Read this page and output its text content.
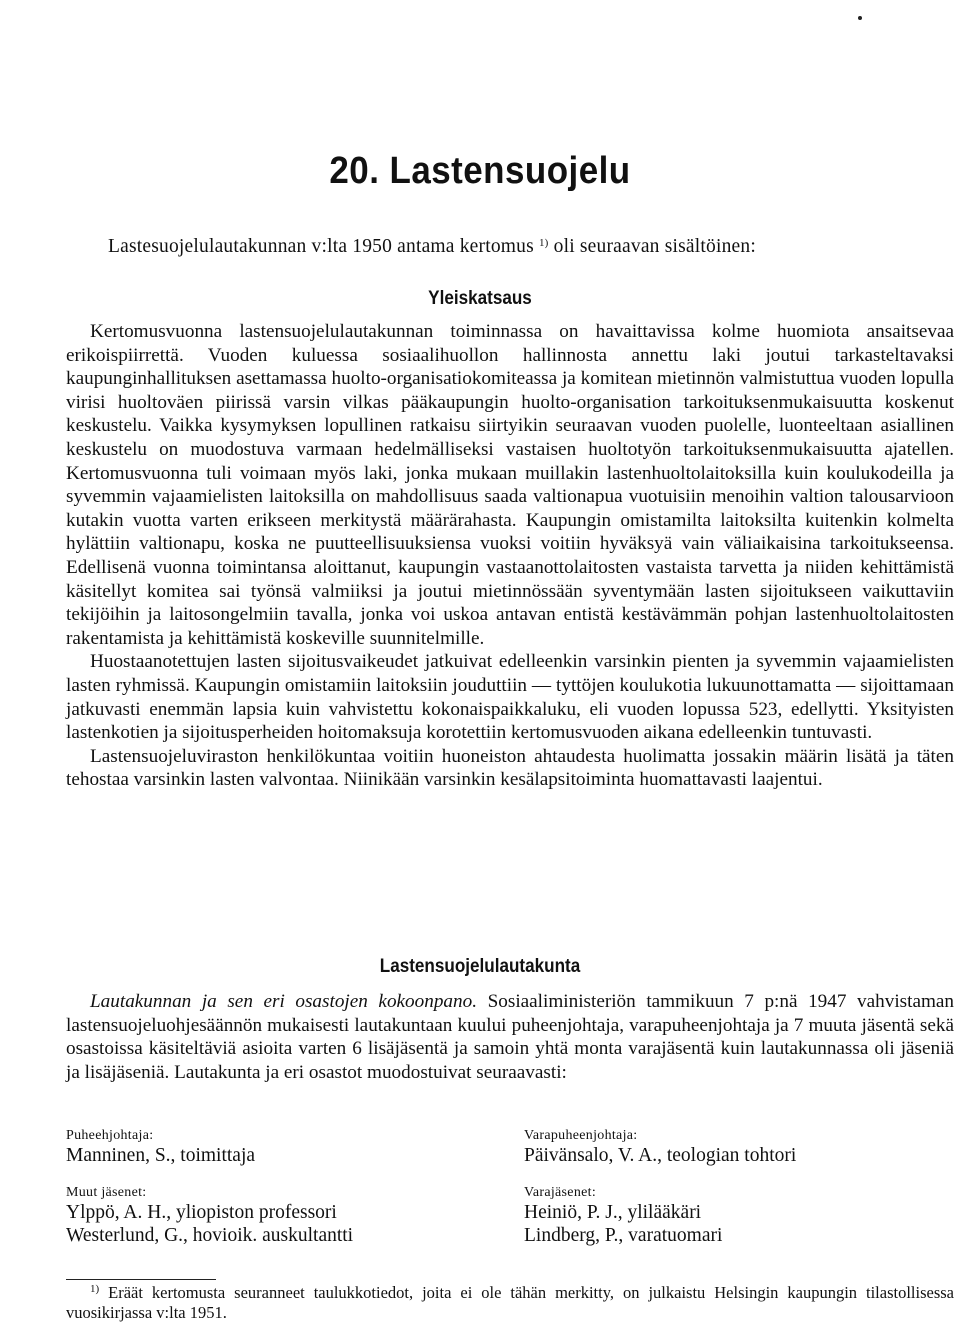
20. Lastensuojelu
Lastesuojelulautakunnan v:lta 1950 antama kertomus $^{1)}$ oli seuraavan sisältöinen:
Yleiskatsaus

Kertomusvuonna lastensuojelulautakunnan toiminnassa on havaittavissa kolme huomiota ansaitsevaa erikoispiirrettä. Vuoden kuluessa sosiaalihuollon hallinnosta annettu laki joutui tarkasteltavaksi kaupunginhallituksen asettamassa huolto-organisatiokomiteassa ja komitean mietinnön valmistuttua vuoden lopulla virisi huoltoväen piirissä varsin vilkas pääkaupungin huolto-organisation tarkoituksenmukaisuutta koskenut keskustelu. Vaikka kysymyksen lopullinen ratkaisu siirtyikin seuraavan vuoden puolelle, luonteeltaan asiallinen keskustelu on muodostuva varmaan hedelmälliseksi vastaisen huoltotyön tarkoituksenmukaisuutta ajatellen. Kertomusvuonna tuli voimaan myös laki, jonka mukaan muillakin lastenhuoltolaitoksilla kuin koulukodeilla ja syvemmin vajaamielisten laitoksilla on mahdollisuus saada valtionapua vuotuisiin menoihin valtion talousarvioon kutakin vuotta varten erikseen merkitystä määrärahasta. Kaupungin omistamilta laitoksilta kuitenkin kolmelta hylättiin valtionapu, koska ne puutteellisuuksiensa vuoksi voitiin hyväksyä vain väliaikaisina tarkoitukseensa. Edellisenä vuonna toimintansa aloittanut, kaupungin vastaanottolaitosten vastaista tarvetta ja niiden kehittämistä käsitellyt komitea sai työnsä valmiiksi ja joutui mietinnössään syventymään lasten sijoitukseen vaikuttaviin tekijöihin ja laitosongelmiin tavalla, jonka voi uskoa antavan entistä kestävämmän pohjan lastenhuoltolaitosten rakentamista ja kehittämistä koskeville suunnitelmille.

Huostaanotettujen lasten sijoitusvaikeudet jatkuivat edelleenkin varsinkin pienten ja syvemmin vajaamielisten lasten ryhmissä. Kaupungin omistamiin laitoksiin jouduttiin — tyttöjen koulukotia lukuunottamatta — sijoittamaan jatkuvasti enemmän lapsia kuin vahvistettu kokonaispaikkaluku, eli vuoden lopussa 523, edellytti. Yksityisten lastenkotien ja sijoitusperheiden hoitomaksuja korotettiin kertomusvuoden aikana edelleenkin tuntuvasti.

Lastensuojeluviraston henkilökuntaa voitiin huoneiston ahtaudesta huolimatta jossakin määrin lisätä ja täten tehostaa varsinkin lasten valvontaa. Niinikään varsinkin kesälapsitoiminta huomattavasti laajentui.

Lastensuojelulautakunta

Lautakunnan ja sen eri osastojen kokoonpano. Sosiaaliministeriön tammikuun 7 p:nä 1947 vahvistaman lastensuojeluohjesäännön mukaisesti lautakuntaan kuului puheenjohtaja, varapuheenjohtaja ja 7 muuta jäsentä sekä osastoissa käsiteltäviä asioita varten 6 lisäjäsentä ja samoin yhtä monta varajäsentä kuin lautakunnassa oli jäseniä ja lisäjäseniä. Lautakunta ja eri osastot muodostuivat seuraavasti:

Puheehjohtaja:

Manninen, S., toimittaja

Muut jäsenet:

Ylppö, A. H., yliopiston professori

Westerlund, G., hovioik. auskultantti

Varapuheenjohtaja:

Päivänsalo, V. A., teologian tohtori

Varajäsenet:

Heiniö, P. J., ylilääkäri

Lindberg, P., varatuomari

$^{1)}$ Eräät kertomusta seuranneet taulukkotiedot, joita ei ole tähän merkitty, on julkaistu Helsingin kaupungin tilastollisessa vuosikirjassa v:lta 1951.
